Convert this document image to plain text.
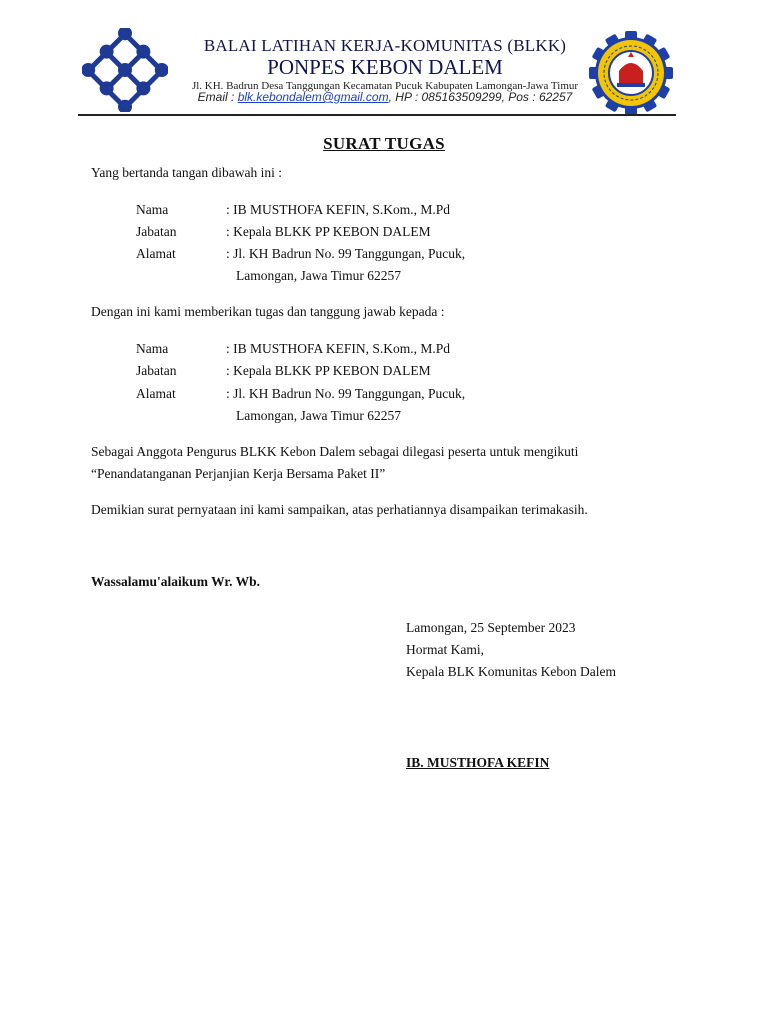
BALAI LATIHAN KERJA-KOMUNITAS (BLKK)
PONPES KEBON DALEM
Jl. KH. Badrun Desa Tanggungan Kecamatan Pucuk Kabupaten Lamongan-Jawa Timur
Email : blk.kebondalem@gmail.com, HP : 085163509299, Pos : 62257
SURAT TUGAS
Yang bertanda tangan dibawah ini :
Nama	: IB MUSTHOFA KEFIN, S.Kom., M.Pd
Jabatan	: Kepala BLKK PP KEBON DALEM
Alamat	: Jl. KH Badrun No. 99 Tanggungan, Pucuk,
Lamongan, Jawa Timur 62257
Dengan ini kami memberikan tugas dan tanggung jawab kepada :
Nama	: IB MUSTHOFA KEFIN, S.Kom., M.Pd
Jabatan	: Kepala BLKK PP KEBON DALEM
Alamat	: Jl. KH Badrun No. 99 Tanggungan, Pucuk,
Lamongan, Jawa Timur 62257
Sebagai Anggota Pengurus BLKK Kebon Dalem sebagai dilegasi peserta untuk mengikuti
“Penandatanganan Perjanjian Kerja Bersama Paket II”
Demikian surat pernyataan ini kami sampaikan, atas perhatiannya disampaikan terimakasih.
Wassalamu'alaikum Wr. Wb.
Lamongan, 25 September 2023
Hormat Kami,
Kepala BLK Komunitas Kebon Dalem
IB. MUSTHOFA KEFIN
